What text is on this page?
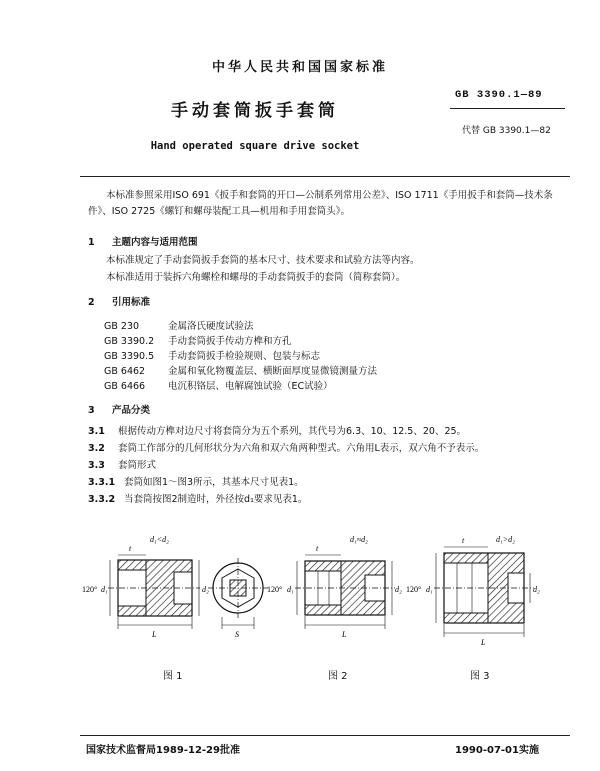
中华人民共和国国家标准
手动套筒扳手套筒
Hand operated square drive socket
GB 3390.1—89
代替 GB 3390.1—82
本标准参照采用ISO 691《扳手和套筒的开口—公制系列常用公差》、ISO 1711《手用扳手和套筒—技术条件》、ISO 2725《螺钉和螺母装配工具—机用和手用套筒头》。
1 主题内容与适用范围
本标准规定了手动套筒扳手套筒的基本尺寸、技术要求和试验方法等内容。
本标准适用于装拆六角螺栓和螺母的手动套筒扳手的套筒（简称套筒）。
2 引用标准
GB 230	金属洛氏硬度试验法
GB 3390.2 手动套筒扳手传动方榫和方孔
GB 3390.5 手动套筒扳手检验规则、包装与标志
GB 6462 金属和氧化物覆盖层、横断面厚度显微镜测量方法
GB 6466 电沉积铬层、电解腐蚀试验（EC试验）
3 产品分类
3.1 根据传动方榫对边尺寸将套筒分为五个系列，其代号为6.3、10、12.5、20、25。
3.2 套筒工作部分的几何形状分为六角和双六角两种型式。六角用L表示，双六角不予表示。
3.3 套筒形式
3.3.1 套筒如图1～图3所示，其基本尺寸见表1。
3.3.2 当套筒按图2制造时，外径按d₁要求见表1。
t
d₁<d₂
120° d₁	d₂
L	S
t
d₁≈d₂
120° d₁	d₂
L
t	d₁>d₂
120° d₁	d₂
L
图 1	图 2	图 3
国家技术监督局1989-12-29批准	1990-07-01实施
